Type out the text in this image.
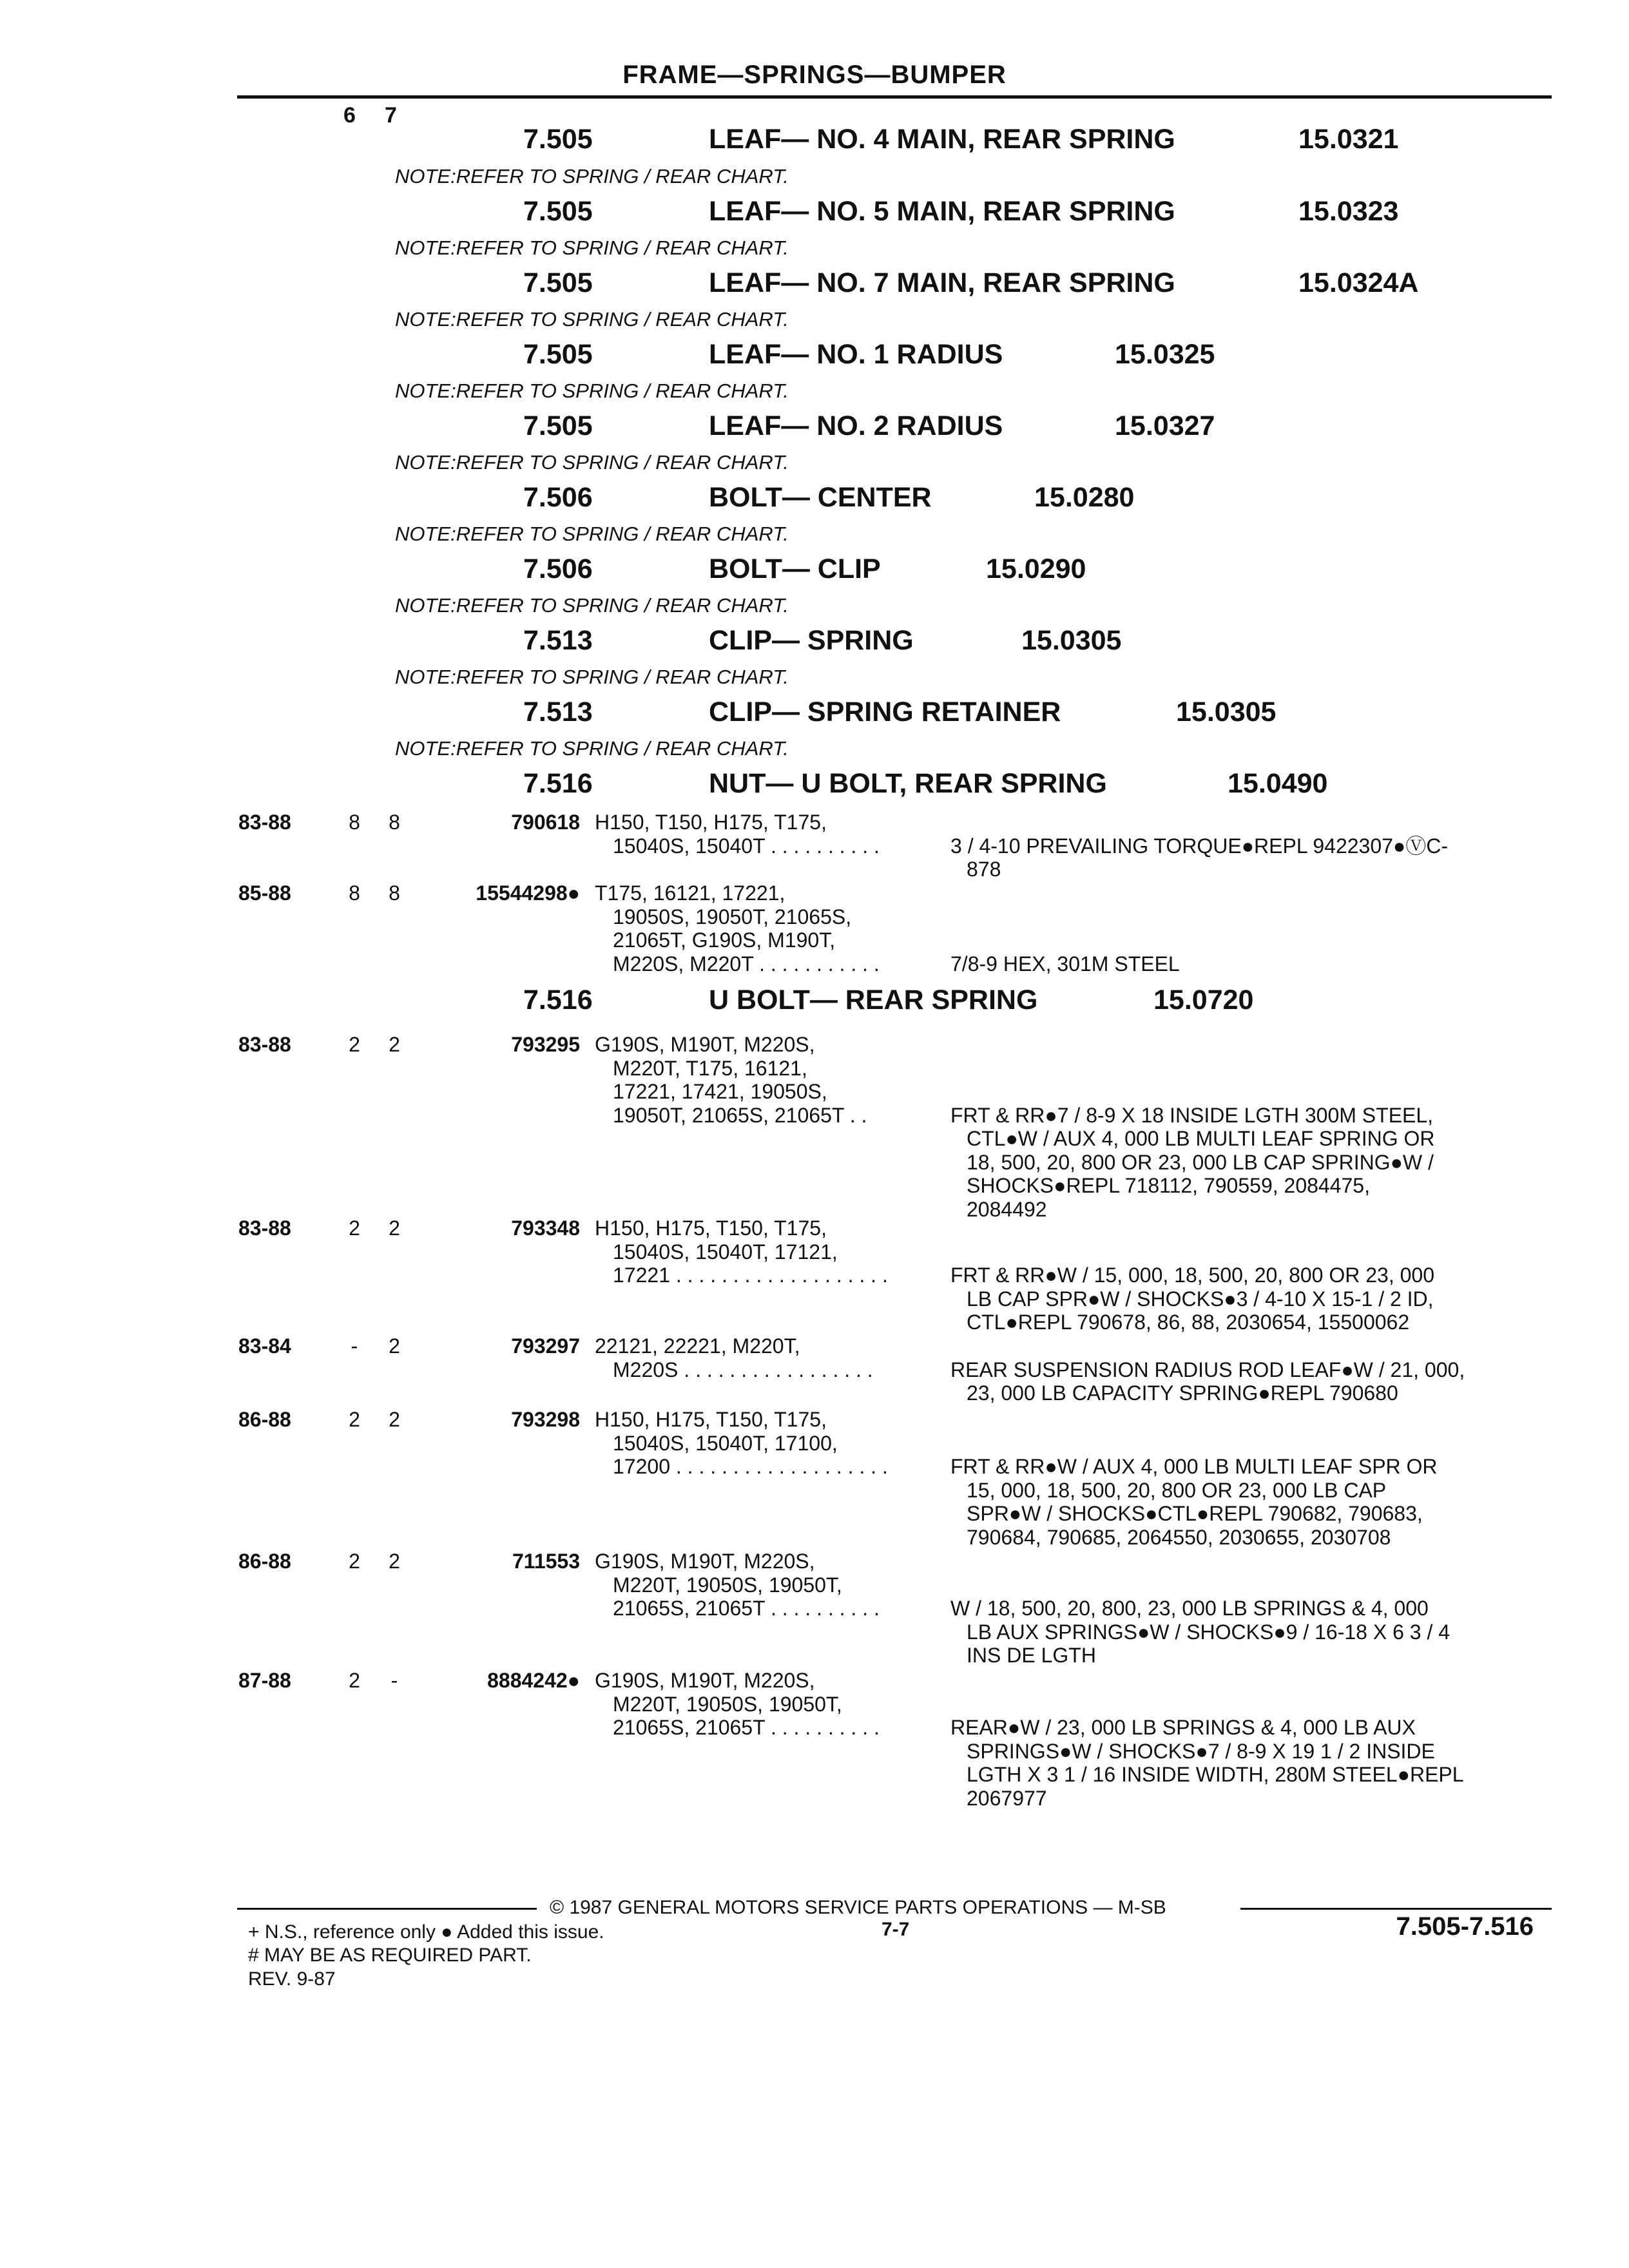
FRAME—SPRINGS—BUMPER
6 7
7.505	LEAF— NO. 4 MAIN, REAR SPRING	15.0321
NOTE:REFER TO SPRING / REAR CHART.
7.505	LEAF— NO. 5 MAIN, REAR SPRING	15.0323
NOTE:REFER TO SPRING / REAR CHART.
7.505	LEAF— NO. 7 MAIN, REAR SPRING	15.0324A
NOTE:REFER TO SPRING / REAR CHART.
7.505	LEAF— NO. 1 RADIUS	15.0325
NOTE:REFER TO SPRING / REAR CHART.
7.505	LEAF— NO. 2 RADIUS	15.0327
NOTE:REFER TO SPRING / REAR CHART.
7.506	BOLT— CENTER	15.0280
NOTE:REFER TO SPRING / REAR CHART.
7.506	BOLT— CLIP	15.0290
NOTE:REFER TO SPRING / REAR CHART.
7.513	CLIP— SPRING	15.0305
NOTE:REFER TO SPRING / REAR CHART.
7.513	CLIP— SPRING RETAINER	15.0305
NOTE:REFER TO SPRING / REAR CHART.
7.516	NUT— U BOLT, REAR SPRING	15.0490
7.516	U BOLT— REAR SPRING	15.0720
83-88	8	8	790618 H150, T150, H175, T175,
15040S, 15040T . . . . . . . . . .	3 / 4-10 PREVAILING TORQUE●REPL 9422307●ⓋC-
878
85-88	8	8	15544298● T175, 16121, 17221,
19050S, 19050T, 21065S,
21065T, G190S, M190T,
M220S, M220T . . . . . . . . . . .	7/8-9 HEX, 301M STEEL
83-88	2	2	793295 G190S, M190T, M220S,
M220T, T175, 16121,
17221, 17421, 19050S,
19050T, 21065S, 21065T . .	FRT & RR●7 / 8-9 X 18 INSIDE LGTH 300M STEEL,
CTL●W / AUX 4, 000 LB MULTI LEAF SPRING OR
18, 500, 20, 800 OR 23, 000 LB CAP SPRING●W /
SHOCKS●REPL 718112, 790559, 2084475,
2084492
83-88	2	2	793348 H150, H175, T150, T175,
15040S, 15040T, 17121,
17221 . . . . . . . . . . . . . . . . . . .	FRT & RR●W / 15, 000, 18, 500, 20, 800 OR 23, 000
LB CAP SPR●W / SHOCKS●3 / 4-10 X 15-1 / 2 ID,
CTL●REPL 790678, 86, 88, 2030654, 15500062
83-84	-	2	793297 22121, 22221, M220T,
M220S . . . . . . . . . . . . . . . . .	REAR SUSPENSION RADIUS ROD LEAF●W / 21, 000,
23, 000 LB CAPACITY SPRING●REPL 790680
86-88	2	2	793298 H150, H175, T150, T175,
15040S, 15040T, 17100,
17200 . . . . . . . . . . . . . . . . . . .	FRT & RR●W / AUX 4, 000 LB MULTI LEAF SPR OR
15, 000, 18, 500, 20, 800 OR 23, 000 LB CAP
SPR●W / SHOCKS●CTL●REPL 790682, 790683,
790684, 790685, 2064550, 2030655, 2030708
86-88	2	2	711553 G190S, M190T, M220S,
M220T, 19050S, 19050T,
21065S, 21065T . . . . . . . . . .	W / 18, 500, 20, 800, 23, 000 LB SPRINGS & 4, 000
LB AUX SPRINGS●W / SHOCKS●9 / 16-18 X 6 3 / 4
INS DE LGTH
87-88	2	-	8884242● G190S, M190T, M220S,
M220T, 19050S, 19050T,
21065S, 21065T . . . . . . . . . .	REAR●W / 23, 000 LB SPRINGS & 4, 000 LB AUX
SPRINGS●W / SHOCKS●7 / 8-9 X 19 1 / 2 INSIDE
LGTH X 3 1 / 16 INSIDE WIDTH, 280M STEEL●REPL
2067977
© 1987 GENERAL MOTORS SERVICE PARTS OPERATIONS — M-SB
+ N.S., reference only ● Added this issue.	7-7	7.505-7.516
# MAY BE AS REQUIRED PART.
REV. 9-87
